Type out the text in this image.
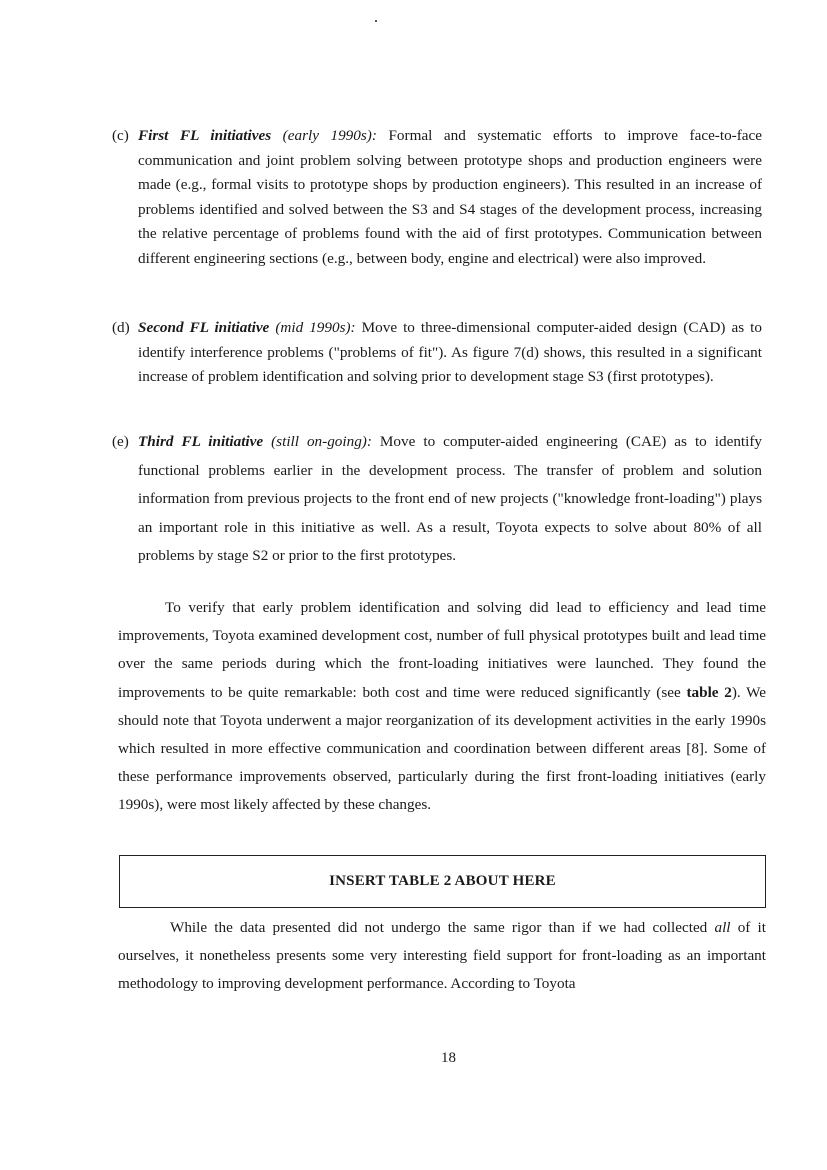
(c) First FL initiatives (early 1990s): Formal and systematic efforts to improve face-to-face communication and joint problem solving between prototype shops and production engineers were made (e.g., formal visits to prototype shops by production engineers). This resulted in an increase of problems identified and solved between the S3 and S4 stages of the development process, increasing the relative percentage of problems found with the aid of first prototypes. Communication between different engineering sections (e.g., between body, engine and electrical) were also improved.
(d) Second FL initiative (mid 1990s): Move to three-dimensional computer-aided design (CAD) as to identify interference problems ("problems of fit"). As figure 7(d) shows, this resulted in a significant increase of problem identification and solving prior to development stage S3 (first prototypes).
(e) Third FL initiative (still on-going): Move to computer-aided engineering (CAE) as to identify functional problems earlier in the development process. The transfer of problem and solution information from previous projects to the front end of new projects ("knowledge front-loading") plays an important role in this initiative as well. As a result, Toyota expects to solve about 80% of all problems by stage S2 or prior to the first prototypes.
To verify that early problem identification and solving did lead to efficiency and lead time improvements, Toyota examined development cost, number of full physical prototypes built and lead time over the same periods during which the front-loading initiatives were launched. They found the improvements to be quite remarkable: both cost and time were reduced significantly (see table 2). We should note that Toyota underwent a major reorganization of its development activities in the early 1990s which resulted in more effective communication and coordination between different areas [8]. Some of these performance improvements observed, particularly during the first front-loading initiatives (early 1990s), were most likely affected by these changes.
INSERT TABLE 2 ABOUT HERE
While the data presented did not undergo the same rigor than if we had collected all of it ourselves, it nonetheless presents some very interesting field support for front-loading as an important methodology to improving development performance. According to Toyota
18
